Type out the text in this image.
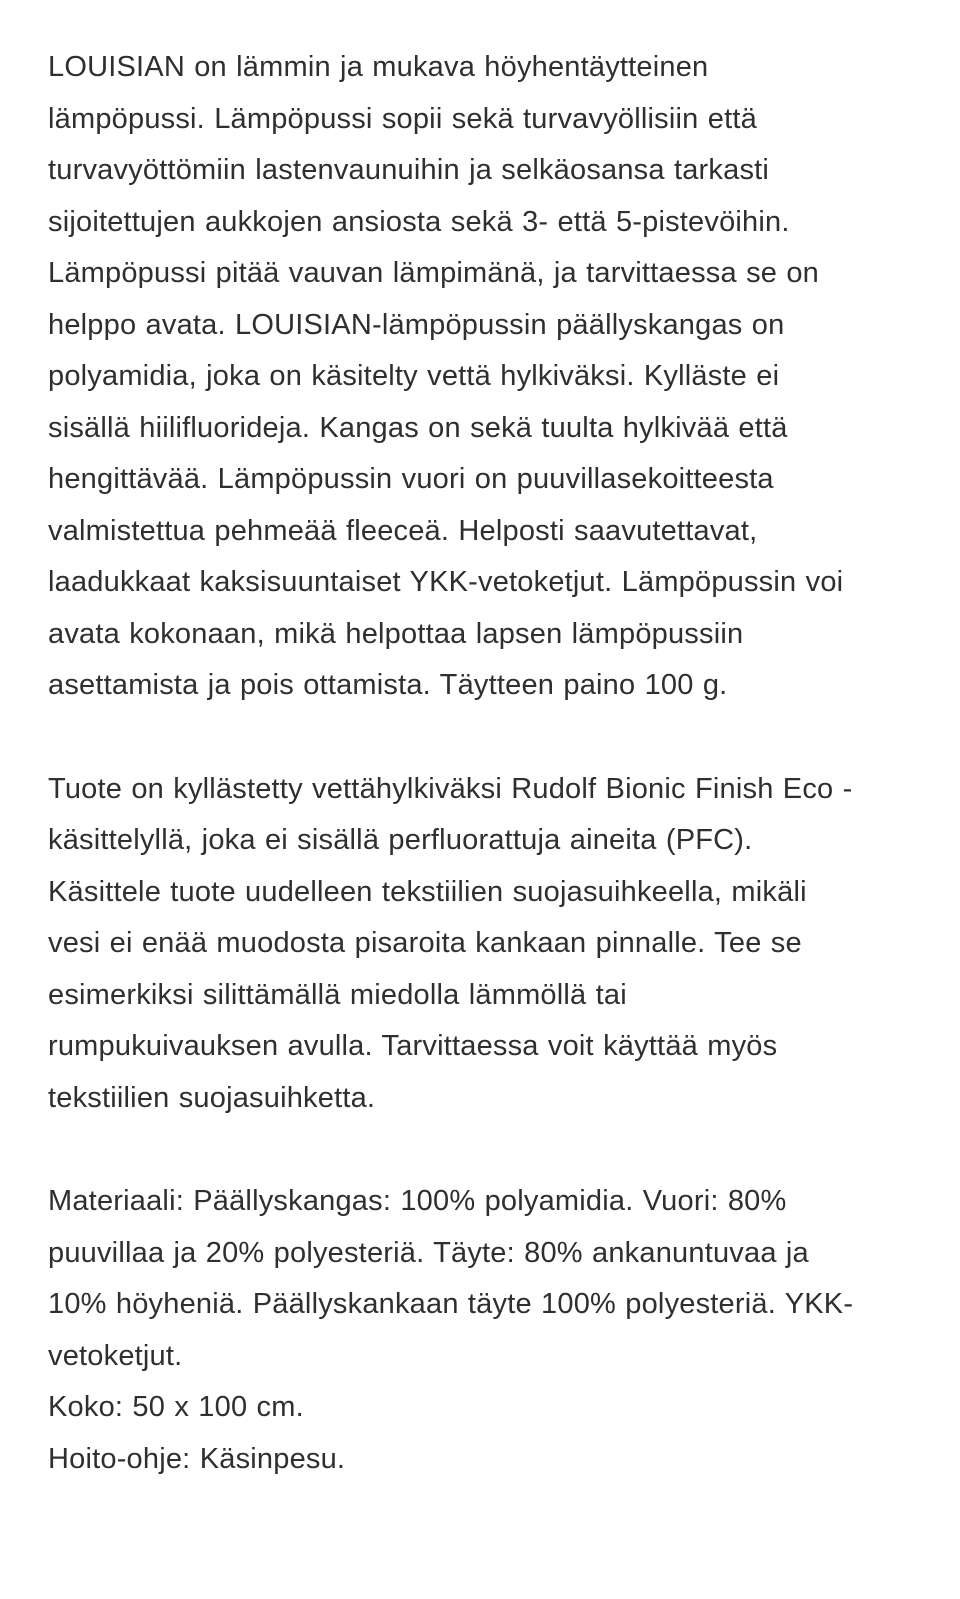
LOUISIAN on lämmin ja mukava höyhentäytteinen lämpöpussi. Lämpöpussi sopii sekä turvavyöllisiin että turvavyöttömiin lastenvaunuihin ja selkäosansa tarkasti sijoitettujen aukkojen ansiosta sekä 3- että 5-pistevöihin. Lämpöpussi pitää vauvan lämpimänä, ja tarvittaessa se on helppo avata. LOUISIAN-lämpöpussin päällyskangas on polyamidia, joka on käsitelty vettä hylkiväksi. Kylläste ei sisällä hiilifluorideja. Kangas on sekä tuulta hylkivää että hengittävää. Lämpöpussin vuori on puuvillasekoitteesta valmistettua pehmeää fleeceä. Helposti saavutettavat, laadukkaat kaksisuuntaiset YKK-vetoketjut. Lämpöpussin voi avata kokonaan, mikä helpottaa lapsen lämpöpussiin asettamista ja pois ottamista. Täytteen paino 100 g.

Tuote on kyllästetty vettähylkiväksi Rudolf Bionic Finish Eco -käsittelyllä, joka ei sisällä perfluorattuja aineita (PFC). Käsittele tuote uudelleen tekstiilien suojasuihkeella, mikäli vesi ei enää muodosta pisaroita kankaan pinnalle. Tee se esimerkiksi silittämällä miedolla lämmöllä tai rumpukuivauksen avulla. Tarvittaessa voit käyttää myös tekstiilien suojasuihketta.

Materiaali: Päällyskangas: 100% polyamidia. Vuori: 80% puuvillaa ja 20% polyesteriä. Täyte: 80% ankanuntuvaa ja 10% höyheniä. Päällyskankaan täyte 100% polyesteriä. YKK-vetoketjut.

Koko: 50 x 100 cm.

Hoito-ohje: Käsinpesu.
